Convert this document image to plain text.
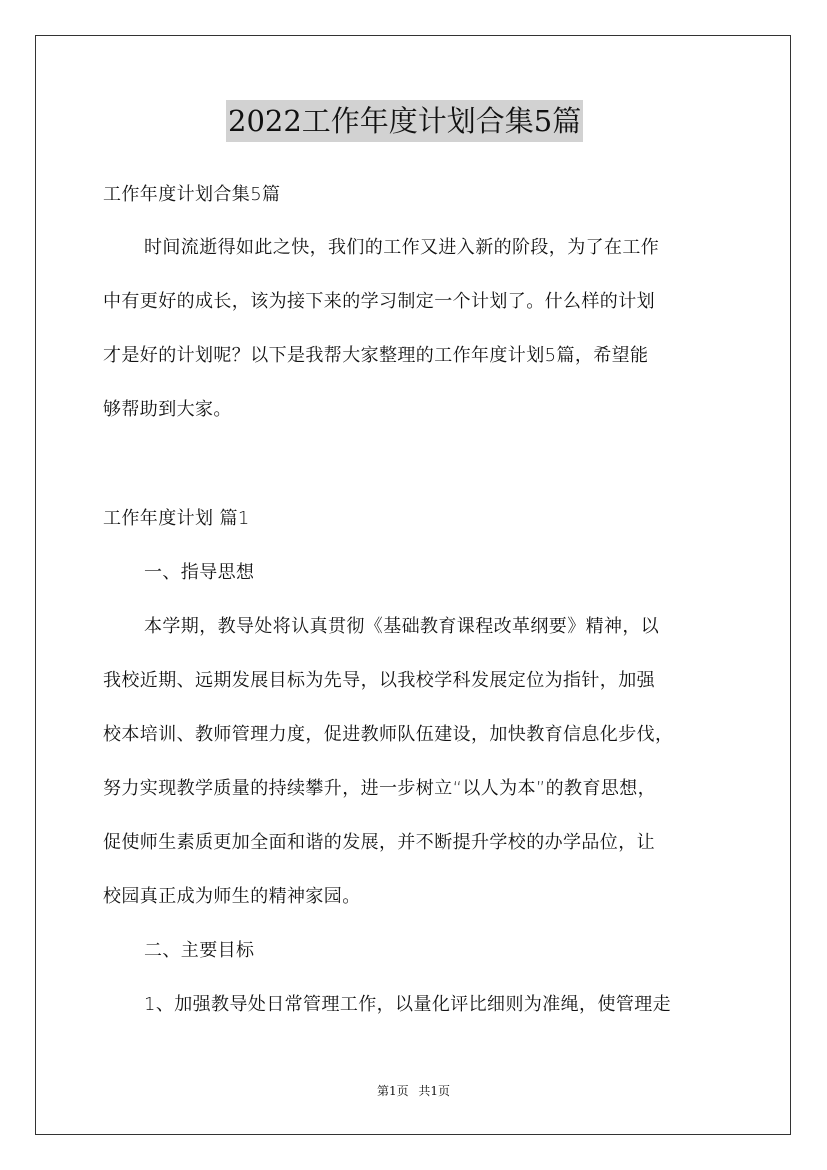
2022工作年度计划合集5篇
工作年度计划合集5篇
时间流逝得如此之快，我们的工作又进入新的阶段，为了在工作
中有更好的成长，该为接下来的学习制定一个计划了。什么样的计划
才是好的计划呢？以下是我帮大家整理的工作年度计划5篇，希望能
够帮助到大家。
工作年度计划 篇1
一、指导思想
本学期，教导处将认真贯彻《基础教育课程改革纲要》精神，以
我校近期、远期发展目标为先导，以我校学科发展定位为指针，加强
校本培训、教师管理力度，促进教师队伍建设，加快教育信息化步伐，
努力实现教学质量的持续攀升，进一步树立“以人为本”的教育思想，
促使师生素质更加全面和谐的发展，并不断提升学校的办学品位，让
校园真正成为师生的精神家园。
二、主要目标
1、加强教导处日常管理工作，以量化评比细则为准绳，使管理走
第1页 共1页
